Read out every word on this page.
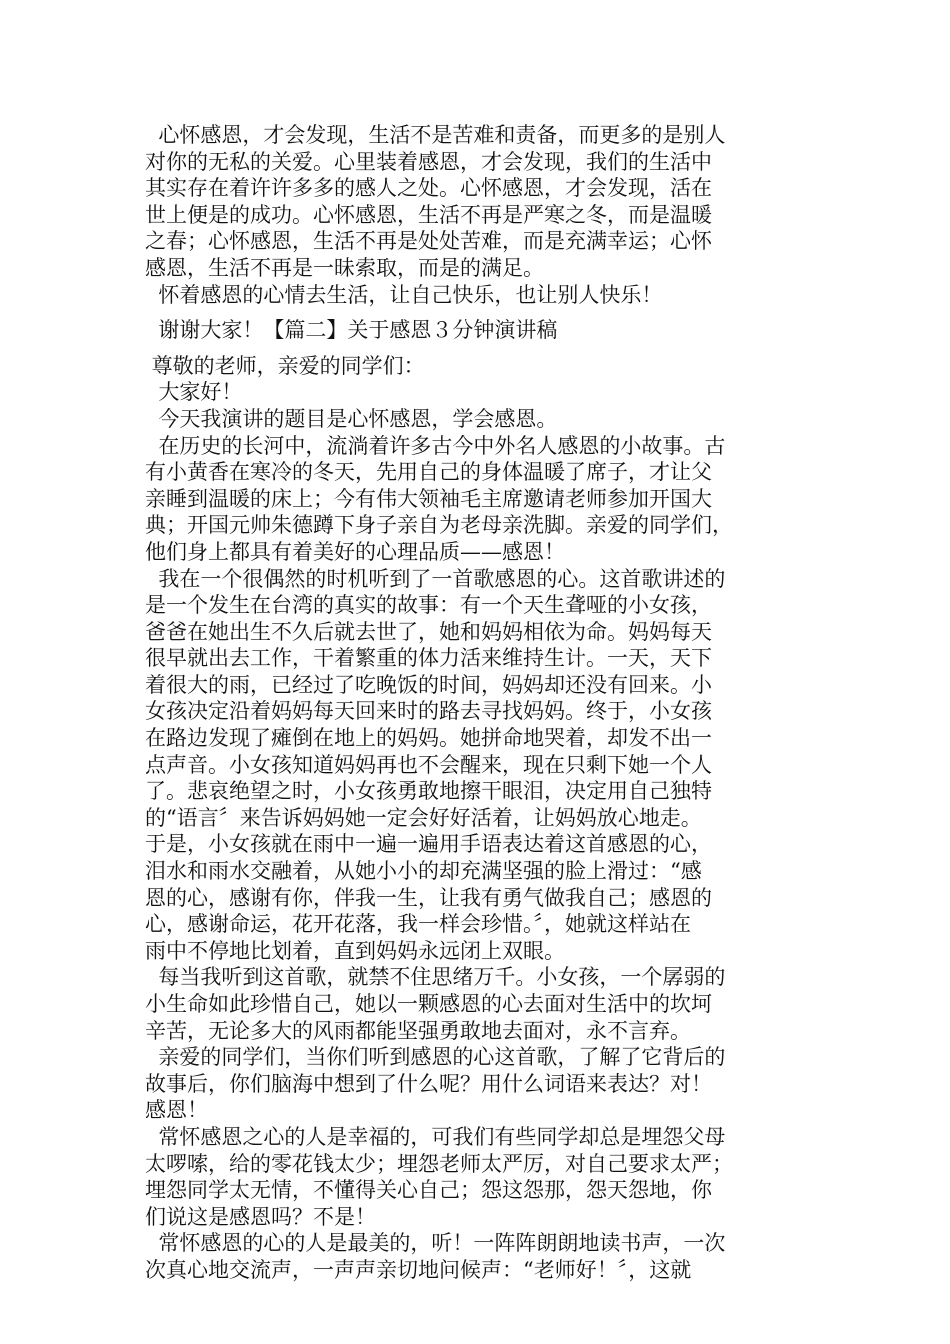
心怀感恩，才会发现，生活不是苦难和责备，而更多的是别人
对你的无私的关爱。心里装着感恩，才会发现，我们的生活中
其实存在着许许多多的感人之处。心怀感恩，才会发现，活在
世上便是的成功。心怀感恩，生活不再是严寒之冬，而是温暖
之春；心怀感恩，生活不再是处处苦难，而是充满幸运；心怀
感恩，生活不再是一昧索取，而是的满足。
怀着感恩的心情去生活，让自己快乐，也让别人快乐！
谢谢大家！【篇二】关于感恩３分钟演讲稿
尊敬的老师，亲爱的同学们：
大家好！
今天我演讲的题目是心怀感恩，学会感恩。
在历史的长河中，流淌着许多古今中外名人感恩的小故事。古
有小黄香在寒冷的冬天，先用自己的身体温暖了席子，才让父
亲睡到温暖的床上；今有伟大领袖毛主席邀请老师参加开国大
典；开国元帅朱德蹲下身子亲自为老母亲洗脚。亲爱的同学们，
他们身上都具有着美好的心理品质——感恩！
我在一个很偶然的时机听到了一首歌感恩的心。这首歌讲述的
是一个发生在台湾的真实的故事：有一个天生聋哑的小女孩，
爸爸在她出生不久后就去世了，她和妈妈相依为命。妈妈每天
很早就出去工作，干着繁重的体力活来维持生计。一天，天下
着很大的雨，已经过了吃晚饭的时间，妈妈却还没有回来。小
女孩决定沿着妈妈每天回来时的路去寻找妈妈。终于，小女孩
在路边发现了瘫倒在地上的妈妈。她拼命地哭着，却发不出一
点声音。小女孩知道妈妈再也不会醒来，现在只剩下她一个人
了。悲哀绝望之时，小女孩勇敢地擦干眼泪，决定用自己独特
的“语言〞来告诉妈妈她一定会好好活着，让妈妈放心地走。
于是，小女孩就在雨中一遍一遍用手语表达着这首感恩的心，
泪水和雨水交融着，从她小小的却充满坚强的脸上滑过：“感
恩的心，感谢有你，伴我一生，让我有勇气做我自己；感恩的
心，感谢命运，花开花落，我一样会珍惜。〞，她就这样站在
雨中不停地比划着，直到妈妈永远闭上双眼。
每当我听到这首歌，就禁不住思绪万千。小女孩，一个孱弱的
小生命如此珍惜自己，她以一颗感恩的心去面对生活中的坎坷
辛苦，无论多大的风雨都能坚强勇敢地去面对，永不言弃。
亲爱的同学们，当你们听到感恩的心这首歌，了解了它背后的
故事后，你们脑海中想到了什么呢？用什么词语来表达？对！
感恩！
常怀感恩之心的人是幸福的，可我们有些同学却总是埋怨父母
太啰嗦，给的零花钱太少；埋怨老师太严厉，对自己要求太严；
埋怨同学太无情，不懂得关心自己；怨这怨那，怨天怨地，你
们说这是感恩吗？不是！
常怀感恩的心的人是最美的，听！一阵阵朗朗地读书声，一次
次真心地交流声，一声声亲切地问候声：“老师好！〞，这就
